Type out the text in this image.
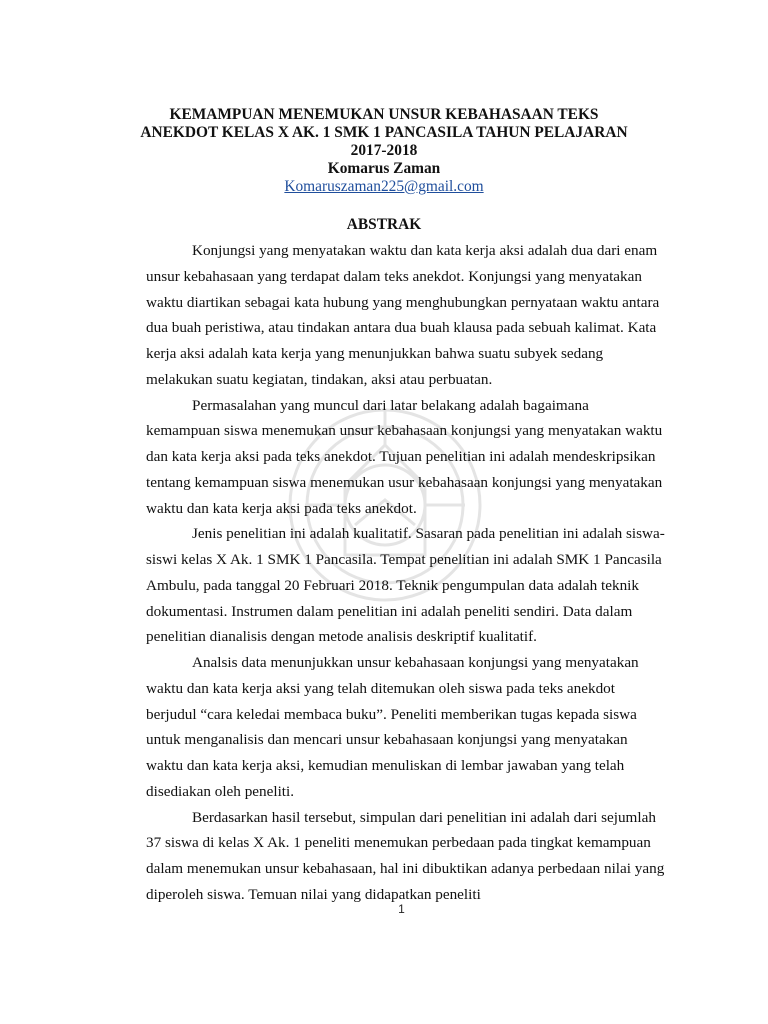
KEMAMPUAN MENEMUKAN UNSUR KEBAHASAAN TEKS
ANEKDOT KELAS X AK. 1 SMK 1 PANCASILA TAHUN PELAJARAN
2017-2018
Komarus Zaman
Komaruszaman225@gmail.com
ABSTRAK

Konjungsi yang menyatakan waktu dan kata kerja aksi adalah dua dari enam unsur kebahasaan yang terdapat dalam teks anekdot. Konjungsi yang menyatakan waktu diartikan sebagai kata hubung yang menghubungkan pernyataan waktu antara dua buah peristiwa, atau tindakan antara dua buah klausa pada sebuah kalimat. Kata kerja aksi adalah kata kerja yang menunjukkan bahwa suatu subyek sedang melakukan suatu kegiatan, tindakan, aksi atau perbuatan.

Permasalahan yang muncul dari latar belakang adalah bagaimana kemampuan siswa menemukan unsur kebahasaan konjungsi yang menyatakan waktu dan kata kerja aksi pada teks anekdot. Tujuan penelitian ini adalah mendeskripsikan tentang kemampuan siswa menemukan usur kebahasaan konjungsi yang menyatakan waktu dan kata kerja aksi pada teks anekdot.

Jenis penelitian ini adalah kualitatif. Sasaran pada penelitian ini adalah siswa-siswi kelas X Ak. 1 SMK 1 Pancasila. Tempat penelitian ini adalah SMK 1 Pancasila Ambulu, pada tanggal 20 Februari 2018. Teknik pengumpulan data adalah teknik dokumentasi. Instrumen dalam penelitian ini adalah peneliti sendiri. Data dalam penelitian dianalisis dengan metode analisis deskriptif kualitatif.

Analsis data menunjukkan unsur kebahasaan konjungsi yang menyatakan waktu dan kata kerja aksi yang telah ditemukan oleh siswa pada teks anekdot berjudul “cara keledai membaca buku”. Peneliti memberikan tugas kepada siswa untuk menganalisis dan mencari unsur kebahasaan konjungsi yang menyatakan waktu dan kata kerja aksi, kemudian menuliskan di lembar jawaban yang telah disediakan oleh peneliti.

Berdasarkan hasil tersebut, simpulan dari penelitian ini adalah dari sejumlah 37 siswa di kelas X Ak. 1 peneliti menemukan perbedaan pada tingkat kemampuan dalam menemukan unsur kebahasaan, hal ini dibuktikan adanya perbedaan nilai yang diperoleh siswa. Temuan nilai yang didapatkan peneliti

1
